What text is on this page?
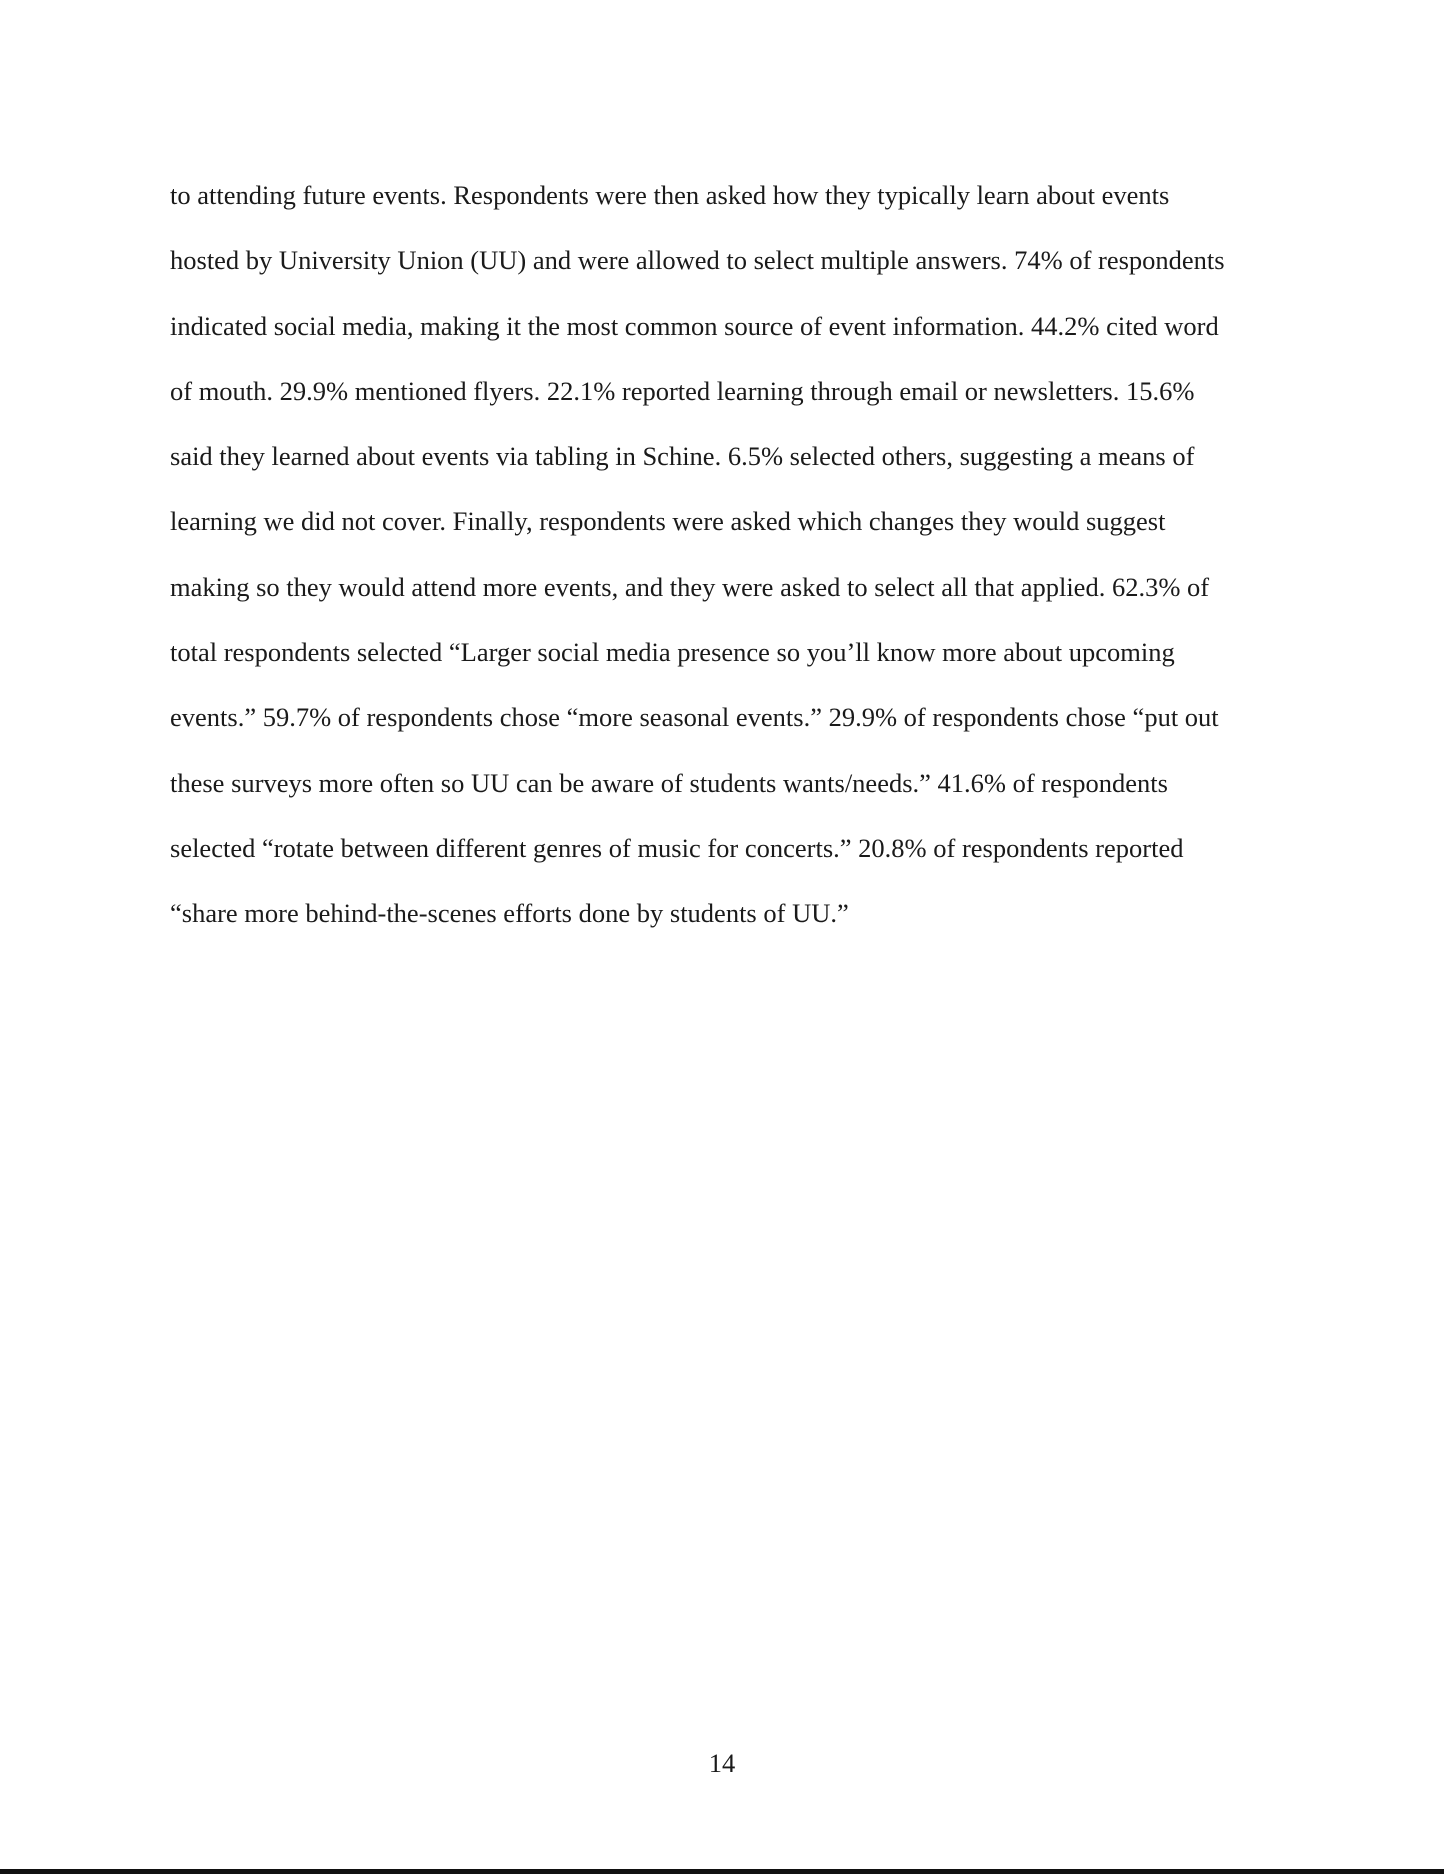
to attending future events. Respondents were then asked how they typically learn about events
hosted by University Union (UU) and were allowed to select multiple answers. 74% of respondents
indicated social media, making it the most common source of event information. 44.2% cited word
of mouth. 29.9% mentioned flyers. 22.1% reported learning through email or newsletters. 15.6%
said they learned about events via tabling in Schine. 6.5% selected others, suggesting a means of
learning we did not cover. Finally, respondents were asked which changes they would suggest
making so they would attend more events, and they were asked to select all that applied. 62.3% of
total respondents selected “Larger social media presence so you’ll know more about upcoming
events.” 59.7% of respondents chose “more seasonal events.” 29.9% of respondents chose “put out
these surveys more often so UU can be aware of students wants/needs.” 41.6% of respondents
selected “rotate between different genres of music for concerts.” 20.8% of respondents reported
“share more behind-the-scenes efforts done by students of UU.”
14
